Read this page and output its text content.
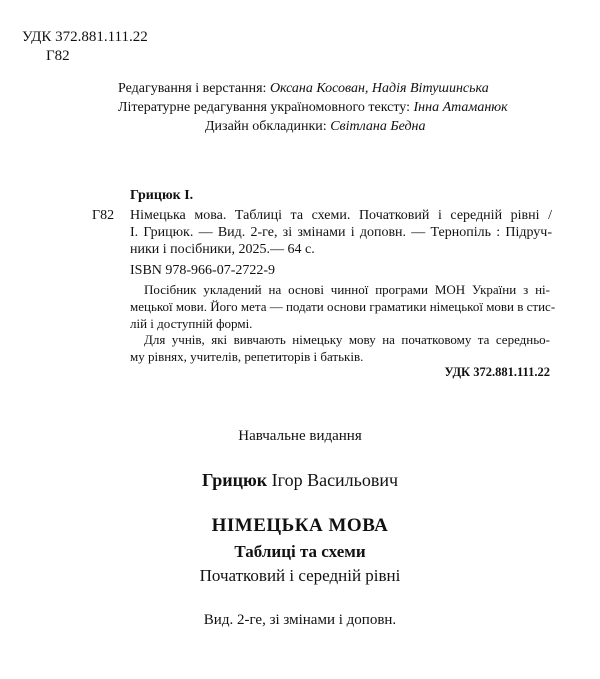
УДК 372.881.111.22
Г82
Редагування і верстання: Оксана Косован, Надія Вітушинська
Літературне редагування україномовного тексту: Інна Атаманюк
Дизайн обкладинки: Світлана Бедна
Грицюк І.
Г82 Німецька мова. Таблиці та схеми. Початковий і середній рівні /
І. Грицюк. — Вид. 2-ге, зі змінами і доповн. — Тернопіль : Підруч-
ники і посібники, 2025.— 64 с.
ISBN 978-966-07-2722-9
Посібник укладений на основі чинної програми МОН України з ні-
мецької мови. Його мета — подати основи граматики німецької мови в стис-
лій і доступній формі.
Для учнів, які вивчають німецьку мову на початковому та середньо-
му рівнях, учителів, репетиторів і батьків.
УДК 372.881.111.22
Навчальне видання
Грицюк Ігор Васильович
НІМЕЦЬКА МОВА
Таблиці та схеми
Початковий і середній рівні
Вид. 2-ге, зі змінами і доповн.
